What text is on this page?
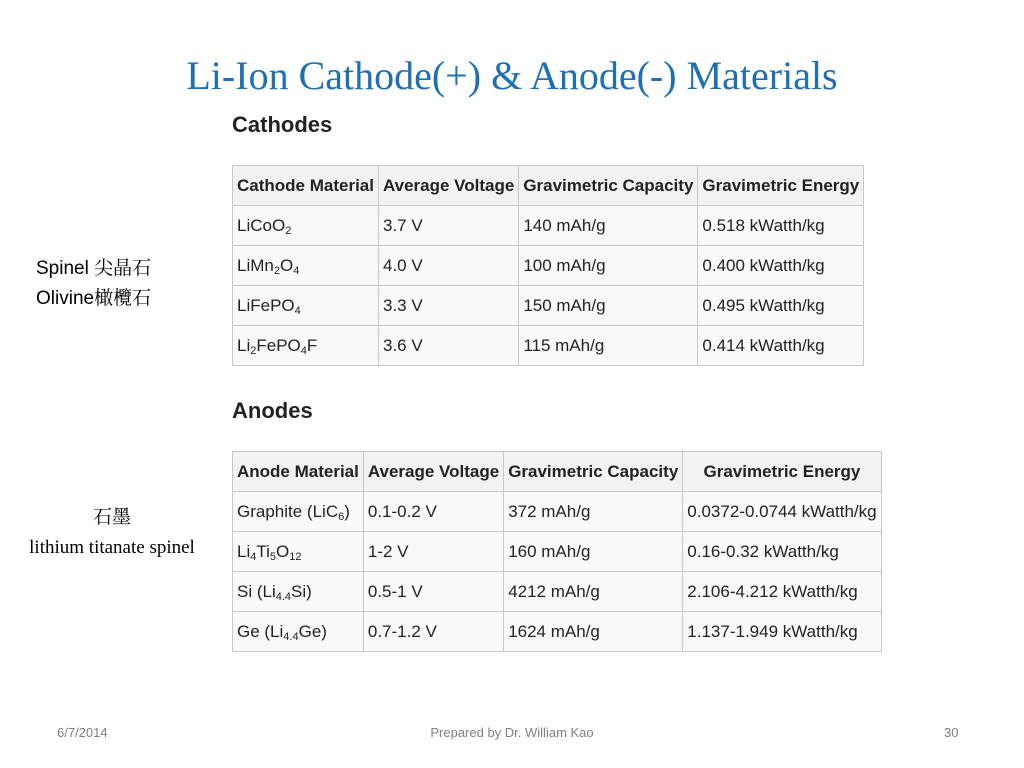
Li-Ion Cathode(+) & Anode(-) Materials
Cathodes
Cathode Material	Average Voltage	Gravimetric Capacity	Gravimetric Energy
LiCoO$_2$	3.7 V	140 mAh/g	0.518 kWatth/kg
$LiMn_2O_4$	4.0 V	100 mAh/g	0.400 kWatth/kg
LiFePO$_4$	3.3 V	150 mAh/g	0.495 kWatth/kg
$Li_2FePO_4F$	3.6 V	115 mAh/g	0.414 kWatth/kg
Anodes
Anode Material	Average Voltage	Gravimetric Capacity	Gravimetric Energy
Graphite (LiC$_6$)	0.1-0.2 V	372 mAh/g	0.0372-0.0744 kWatth/kg
$Li_4Ti_5O_{12}$	1-2 V	160 mAh/g	0.16-0.32 kWatth/kg
Si $(Li_{4.4}Si)$	0.5-1 V	4212 mAh/g	2.106-4.212 kWatth/kg
Ge $(Li_{4.4}Ge)$	0.7-1.2 V	1624 mAh/g	1.137-1.949 kWatth/kg
Spinel 尖晶石
Olivine橄欖石
石墨
lithium titanate spinel
6/7/2014	Prepared by Dr. William Kao	30
